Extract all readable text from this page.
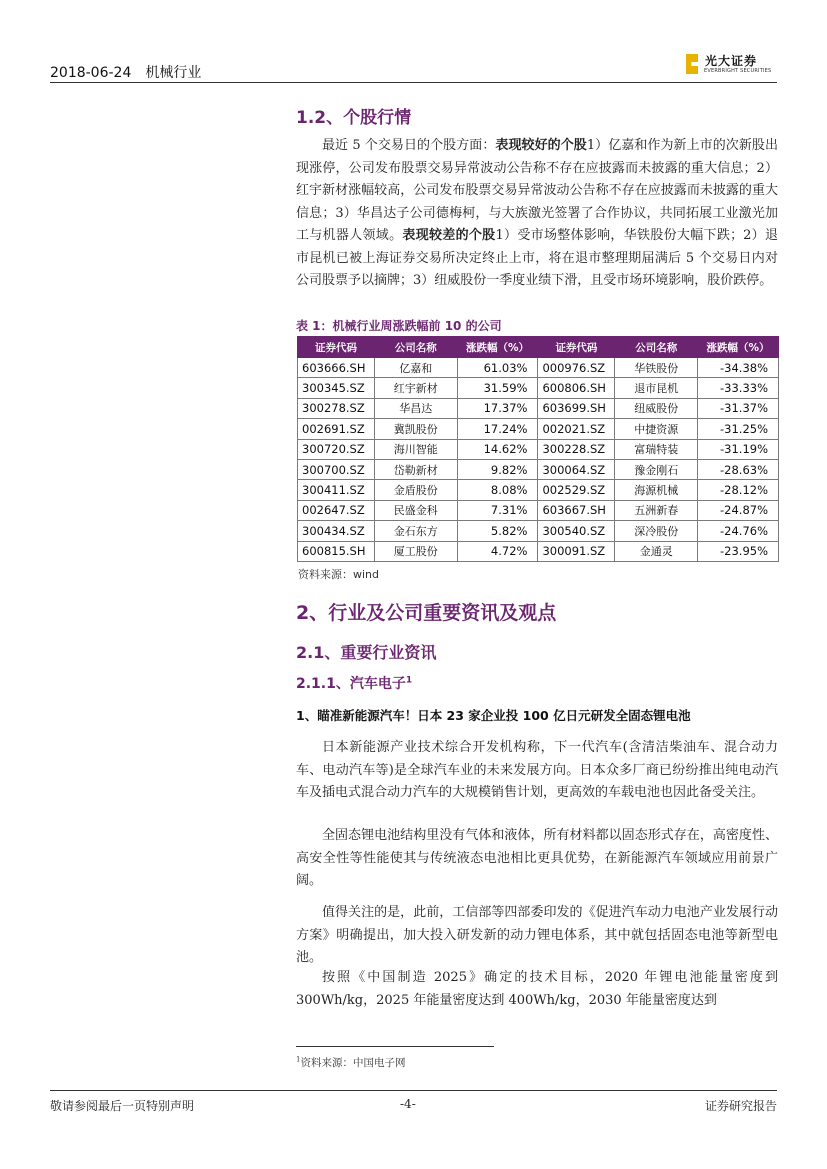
2018-06-24 机械行业
光大证券
EVERBRIGHT SECURITIES
1.2、个股行情

最近 5 个交易日的个股方面：表现较好的个股1）亿嘉和作为新上市的次新股出现涨停，公司发布股票交易异常波动公告称不存在应披露而未披露的重大信息；2）红宇新材涨幅较高，公司发布股票交易异常波动公告称不存在应披露而未披露的重大信息；3）华昌达子公司德梅柯，与大族激光签署了合作协议，共同拓展工业激光加工与机器人领域。表现较差的个股1）受市场整体影响，华铁股份大幅下跌；2）退市昆机已被上海证券交易所决定终止上市，将在退市整理期届满后 5 个交易日内对公司股票予以摘牌；3）纽威股份一季度业绩下滑，且受市场环境影响，股价跌停。

表 1：机械行业周涨跌幅前 10 的公司
证券代码	公司名称	涨跌幅（%）	证券代码	公司名称	涨跌幅（%）
603666.SH	亿嘉和	61.03%	000976.SZ	华铁股份	-34.38%
300345.SZ	红宇新材	31.59%	600806.SH	退市昆机	-33.33%
300278.SZ	华昌达	17.37%	603699.SH	纽威股份	-31.37%
002691.SZ	冀凯股份	17.24%	002021.SZ	中捷资源	-31.25%
300720.SZ	海川智能	14.62%	300228.SZ	富瑞特装	-31.19%
300700.SZ	岱勒新材	9.82%	300064.SZ	豫金刚石	-28.63%
300411.SZ	金盾股份	8.08%	002529.SZ	海源机械	-28.12%
002647.SZ	民盛金科	7.31%	603667.SH	五洲新春	-24.87%
300434.SZ	金石东方	5.82%	300540.SZ	深冷股份	-24.76%
600815.SH	厦工股份	4.72%	300091.SZ	金通灵	-23.95%
资料来源：wind
2、行业及公司重要资讯及观点
2.1、重要行业资讯
2.1.1、汽车电子$^1$
1、瞄准新能源汽车！日本 23 家企业投 100 亿日元研发全固态锂电池

日本新能源产业技术综合开发机构称，下一代汽车(含清洁柴油车、混合动力车、电动汽车等)是全球汽车业的未来发展方向。日本众多厂商已纷纷推出纯电动汽车及插电式混合动力汽车的大规模销售计划，更高效的车载电池也因此备受关注。

全固态锂电池结构里没有气体和液体，所有材料都以固态形式存在，高密度性、高安全性等性能使其与传统液态电池相比更具优势，在新能源汽车领域应用前景广阔。

值得关注的是，此前，工信部等四部委印发的《促进汽车动力电池产业发展行动方案》明确提出，加大投入研发新的动力锂电体系，其中就包括固态电池等新型电池。

按照《中国制造 2025》确定的技术目标，2020 年锂电池能量密度到 300Wh/kg，2025 年能量密度达到 400Wh/kg，2030 年能量密度达到

$^1$资料来源：中国电子网
敬请参阅最后一页特别声明	-4-	证券研究报告
